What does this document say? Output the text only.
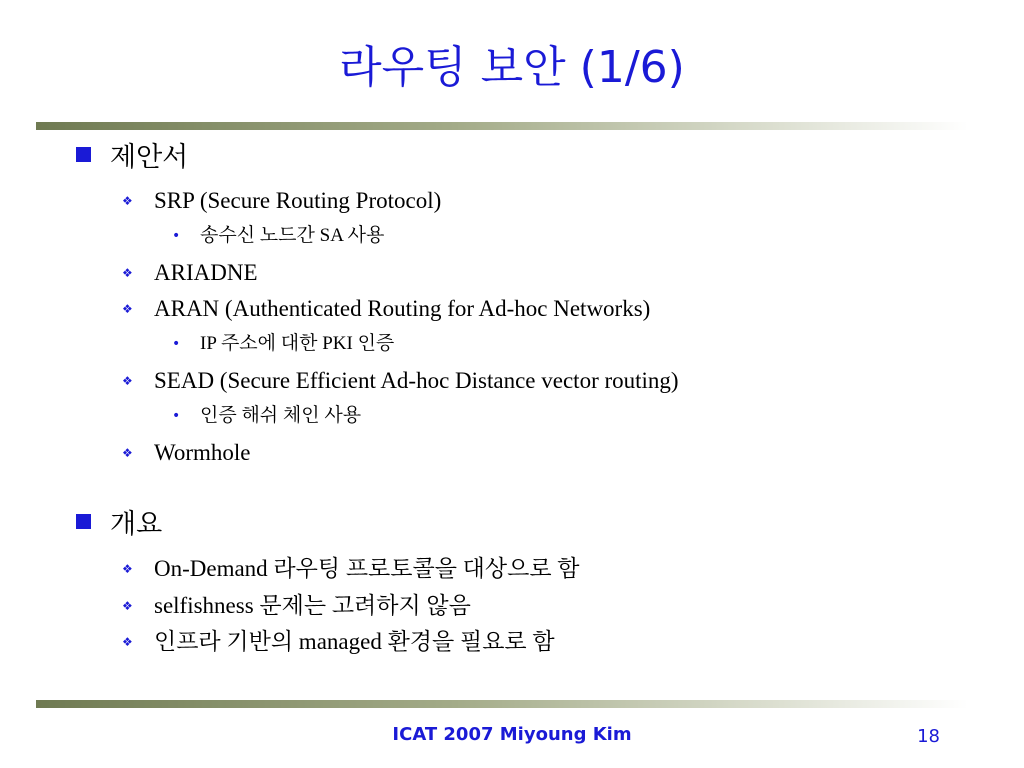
라우팅 보안 (1/6)
제안서
❖ SRP (Secure Routing Protocol)
• 송수신 노드간 SA 사용
❖ ARIADNE
❖ ARAN (Authenticated Routing for Ad-hoc Networks)
• IP 주소에 대한 PKI 인증
❖ SEAD (Secure Efficient Ad-hoc Distance vector routing)
• 인증 해쉬 체인 사용
❖ Wormhole
개요
❖ On-Demand 라우팅 프로토콜을 대상으로 함
❖ selfishness 문제는 고려하지 않음
❖ 인프라 기반의 managed 환경을 필요로 함
ICAT 2007 Miyoung Kim	18
